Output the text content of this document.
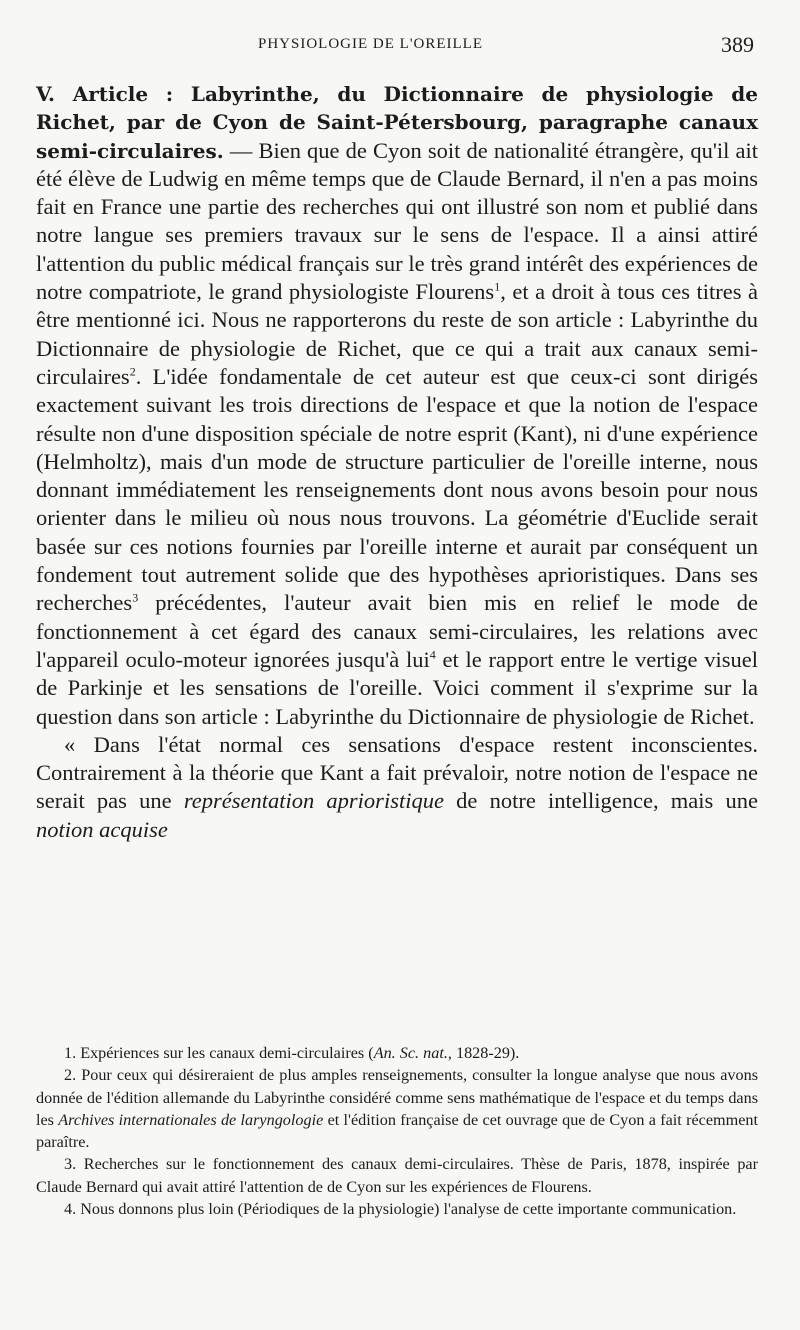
PHYSIOLOGIE DE L'OREILLE	389

V. Article : Labyrinthe, du Dictionnaire de physiologie de Richet, par de Cyon de Saint-Pétersbourg, paragraphe canaux semi-circulaires. — Bien que de Cyon soit de nationalité étrangère, qu'il ait été élève de Ludwig en même temps que de Claude Bernard, il n'en a pas moins fait en France une partie des recherches qui ont illustré son nom et publié dans notre langue ses premiers travaux sur le sens de l'espace. Il a ainsi attiré l'attention du public médical français sur le très grand intérêt des expériences de notre compatriote, le grand physiologiste Flourens$^1$, et a droit à tous ces titres à être mentionné ici. Nous ne rapporterons du reste de son article : Labyrinthe du Dictionnaire de physiologie de Richet, que ce qui a trait aux canaux semi-circulaires$^2$. L'idée fondamentale de cet auteur est que ceux-ci sont dirigés exactement suivant les trois directions de l'espace et que la notion de l'espace résulte non d'une disposition spéciale de notre esprit (Kant), ni d'une expérience (Helmholtz), mais d'un mode de structure particulier de l'oreille interne, nous donnant immédiatement les renseignements dont nous avons besoin pour nous orienter dans le milieu où nous nous trouvons. La géométrie d'Euclide serait basée sur ces notions fournies par l'oreille interne et aurait par conséquent un fondement tout autrement solide que des hypothèses aprioristiques. Dans ses recherches$^3$ précédentes, l'auteur avait bien mis en relief le mode de fonctionnement à cet égard des canaux semi-circulaires, les relations avec l'appareil oculo-moteur ignorées jusqu'à lui$^4$ et le rapport entre le vertige visuel de Parkinje et les sensations de l'oreille. Voici comment il s'exprime sur la question dans son article : Labyrinthe du Dictionnaire de physiologie de Richet.

« Dans l'état normal ces sensations d'espace restent inconscientes. Contrairement à la théorie que Kant a fait prévaloir, notre notion de l'espace ne serait pas une représentation aprioristique de notre intelligence, mais une notion acquise

1. Expériences sur les canaux demi-circulaires (An. Sc. nat., 1828-29).

2. Pour ceux qui désireraient de plus amples renseignements, consulter la longue analyse que nous avons donnée de l'édition allemande du Labyrinthe considéré comme sens mathématique de l'espace et du temps dans les Archives internationales de laryngologie et l'édition française de cet ouvrage que de Cyon a fait récemment paraître.

3. Recherches sur le fonctionnement des canaux demi-circulaires. Thèse de Paris, 1878, inspirée par Claude Bernard qui avait attiré l'attention de de Cyon sur les expériences de Flourens.

4. Nous donnons plus loin (Périodiques de la physiologie) l'analyse de cette importante communication.
